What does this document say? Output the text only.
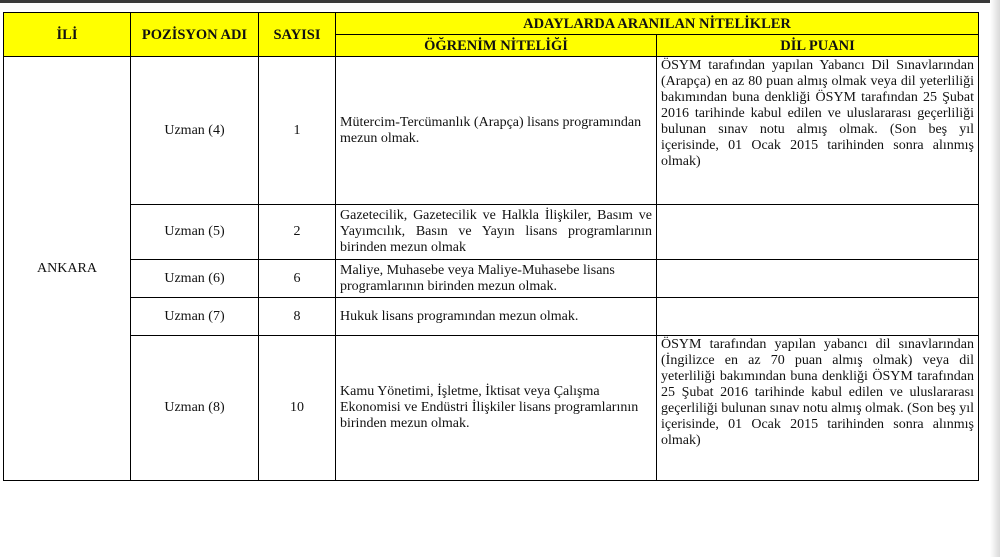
İLİ	POZİSYON ADI	SAYISI	ADAYLARDA ARANILAN NİTELİKLER	
			ÖĞRENİM NİTELİĞİ	DİL PUANI
ANKARA	Uzman (4)	1	Mütercim-Tercümanlık (Arapça) lisans programından mezun olmak.	ÖSYM tarafından yapılan Yabancı Dil Sınavlarından (Arapça) en az 80 puan almış olmak veya dil yeterliliği bakımından buna denkliği ÖSYM tarafından 25 Şubat 2016 tarihinde kabul edilen ve uluslararası geçerliliği bulunan sınav notu almış olmak. (Son beş yıl içerisinde, 01 Ocak 2015 tarihinden sonra alınmış olmak)
	Uzman (5)	2	Gazetecilik, Gazetecilik ve Halkla İlişkiler, Basım ve Yayımcılık, Basın ve Yayın lisans programlarının birinden mezun olmak	
	Uzman (6)	6	Maliye, Muhasebe veya Maliye-Muhasebe lisans programlarının birinden mezun olmak.	
	Uzman (7)	8	Hukuk lisans programından mezun olmak.	
	Uzman (8)	10	Kamu Yönetimi, İşletme, İktisat veya Çalışma Ekonomisi ve Endüstri İlişkiler lisans programlarının birinden mezun olmak.	ÖSYM tarafından yapılan yabancı dil sınavlarından (İngilizce en az 70 puan almış olmak) veya dil yeterliliği bakımından buna denkliği ÖSYM tarafından 25 Şubat 2016 tarihinde kabul edilen ve uluslararası geçerliliği bulunan sınav notu almış olmak. (Son beş yıl içerisinde, 01 Ocak 2015 tarihinden sonra alınmış olmak)
